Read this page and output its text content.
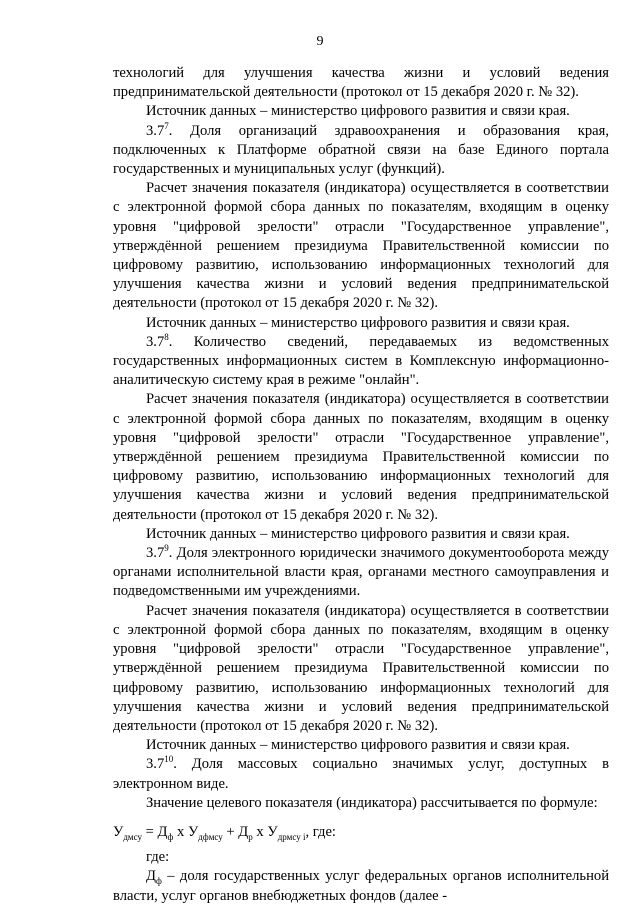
9

технологий для улучшения качества жизни и условий ведения предпринимательской деятельности (протокол от 15 декабря 2020 г. № 32).

Источник данных – министерство цифрового развития и связи края.

$3.7^7$. Доля организаций здравоохранения и образования края, подключенных к Платформе обратной связи на базе Единого портала государственных и муниципальных услуг (функций).

Расчет значения показателя (индикатора) осуществляется в соответствии с электронной формой сбора данных по показателям, входящим в оценку уровня "цифровой зрелости" отрасли "Государственное управление", утверждённой решением президиума Правительственной комиссии по цифровому развитию, использованию информационных технологий для улучшения качества жизни и условий ведения предпринимательской деятельности (протокол от 15 декабря 2020 г. № 32).

Источник данных – министерство цифрового развития и связи края.

$3.7^8$. Количество сведений, передаваемых из ведомственных государственных информационных систем в Комплексную информационно-аналитическую систему края в режиме "онлайн".

Расчет значения показателя (индикатора) осуществляется в соответствии с электронной формой сбора данных по показателям, входящим в оценку уровня "цифровой зрелости" отрасли "Государственное управление", утверждённой решением президиума Правительственной комиссии по цифровому развитию, использованию информационных технологий для улучшения качества жизни и условий ведения предпринимательской деятельности (протокол от 15 декабря 2020 г. № 32).

Источник данных – министерство цифрового развития и связи края.

$3.7^9$. Доля электронного юридически значимого документооборота между органами исполнительной власти края, органами местного самоуправления и подведомственными им учреждениями.

Расчет значения показателя (индикатора) осуществляется в соответствии с электронной формой сбора данных по показателям, входящим в оценку уровня "цифровой зрелости" отрасли "Государственное управление", утверждённой решением президиума Правительственной комиссии по цифровому развитию, использованию информационных технологий для улучшения качества жизни и условий ведения предпринимательской деятельности (протокол от 15 декабря 2020 г. № 32).

Источник данных – министерство цифрового развития и связи края.

$3.7^{10}$. Доля массовых социально значимых услуг, доступных в электронном виде.

Значение целевого показателя (индикатора) рассчитывается по формуле:

$У_{дмсу} = Д_ф$ х $У_{дфмсу} + Д_р$ х $У_{дрмсу i}$, где:

где:

$Д_ф$ – доля государственных услуг федеральных органов исполнительной власти, услуг органов внебюджетных фондов (далее -
